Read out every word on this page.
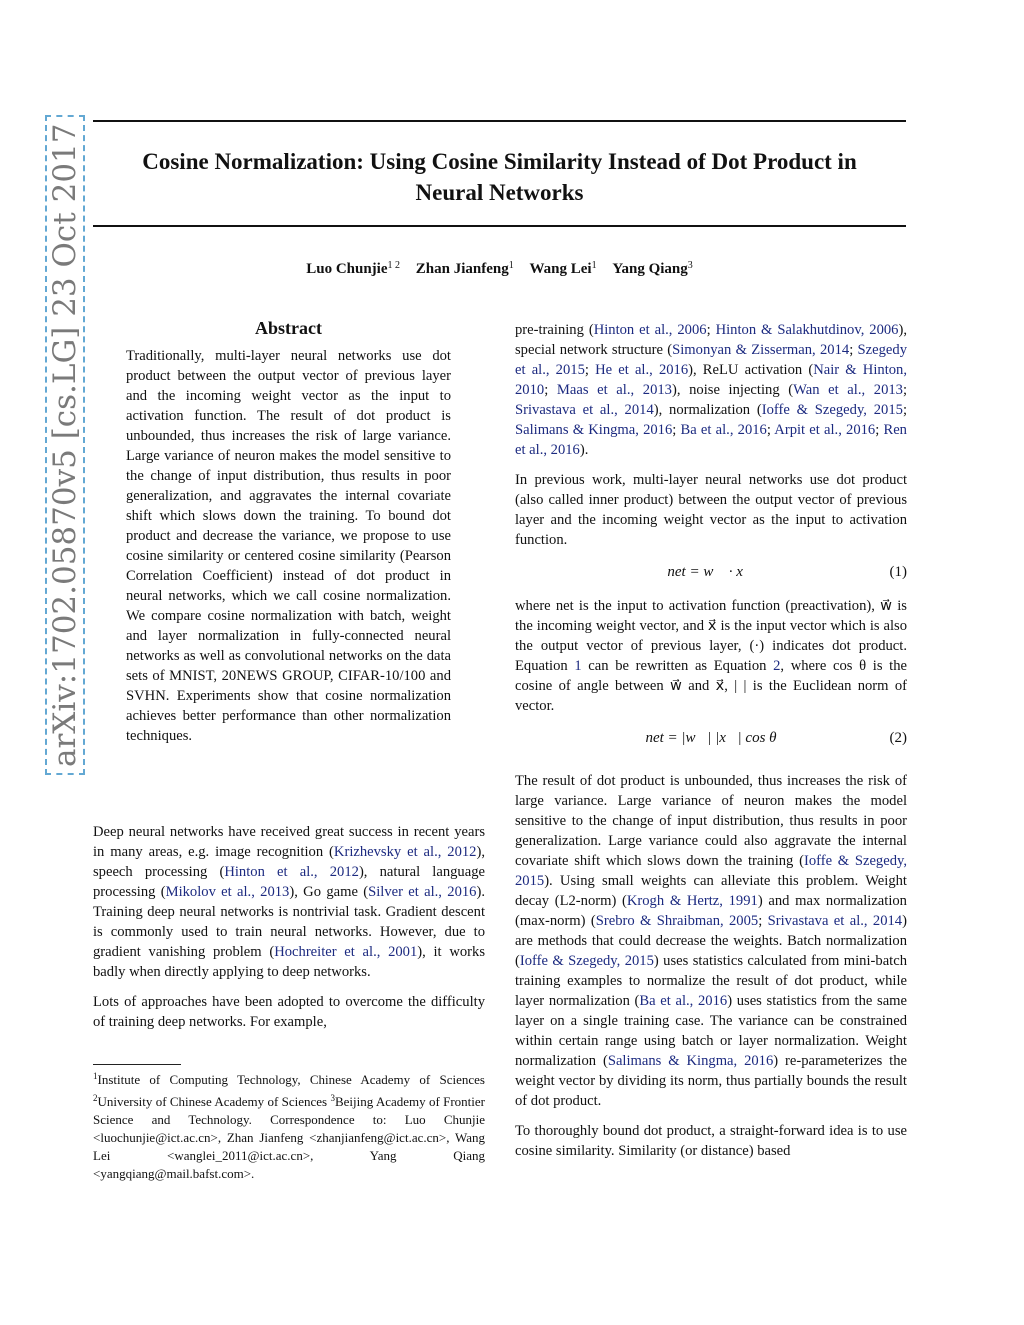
arXiv:1702.05870v5 [cs.LG] 23 Oct 2017	Cosine Normalization: Using Cosine Similarity Instead of Dot Product in
Neural Networks
Luo Chunjie$^{1 2}$ Zhan Jianfeng$^1$ Wang Lei$^1$ Yang Qiang$^3$
Abstract

Traditionally, multi-layer neural networks use dot product between the output vector of previous layer and the incoming weight vector as the input to activation function. The result of dot product is unbounded, thus increases the risk of large variance. Large variance of neuron makes the model sensitive to the change of input distribution, thus results in poor generalization, and aggravates the internal covariate shift which slows down the training. To bound dot product and decrease the variance, we propose to use cosine similarity or centered cosine similarity (Pearson Correlation Coefficient) instead of dot product in neural networks, which we call cosine normalization. We compare cosine normalization with batch, weight and layer normalization in fully-connected neural networks as well as convolutional networks on the data sets of MNIST, 20NEWS GROUP, CIFAR-10/100 and SVHN. Experiments show that cosine normalization achieves better performance than other normalization techniques.

Deep neural networks have received great success in recent years in many areas, e.g. image recognition (Krizhevsky et al., 2012), speech processing (Hinton et al., 2012), natural language processing (Mikolov et al., 2013), Go game (Silver et al., 2016). Training deep neural networks is nontrivial task. Gradient descent is commonly used to train neural networks. However, due to gradient vanishing problem (Hochreiter et al., 2001), it works badly when directly applying to deep networks.

Lots of approaches have been adopted to overcome the difficulty of training deep networks. For example,

$^1$Institute of Computing Technology, Chinese Academy of Sciences $^2$University of Chinese Academy of Sciences $^3$Beijing Academy of Frontier Science and Technology. Correspondence to: Luo Chunjie <luochunjie@ict.ac.cn>, Zhan Jianfeng <zhanjianfeng@ict.ac.cn>, Wang Lei <wanglei_2011@ict.ac.cn>, Yang Qiang <yangqiang@mail.bafst.com>.

pre-training (Hinton et al., 2006; Hinton & Salakhutdinov, 2006), special network structure (Simonyan & Zisserman, 2014; Szegedy et al., 2015; He et al., 2016), ReLU activation (Nair & Hinton, 2010; Maas et al., 2013), noise injecting (Wan et al., 2013; Srivastava et al., 2014), normalization (Ioffe & Szegedy, 2015; Salimans & Kingma, 2016; Ba et al., 2016; Arpit et al., 2016; Ren et al., 2016).

In previous work, multi-layer neural networks use dot product (also called inner product) between the output vector of previous layer and the incoming weight vector as the input to activation function.

net = w⃗ · x⃗	(1)

where net is the input to activation function (preactivation), w⃗ is the incoming weight vector, and x⃗ is the input vector which is also the output vector of previous layer, (·) indicates dot product. Equation 1 can be rewritten as Equation 2, where cos θ is the cosine of angle between w⃗ and x⃗, | | is the Euclidean norm of vector.

net = |w⃗| |x⃗| cos θ	(2)

The result of dot product is unbounded, thus increases the risk of large variance. Large variance of neuron makes the model sensitive to the change of input distribution, thus results in poor generalization. Large variance could also aggravate the internal covariate shift which slows down the training (Ioffe & Szegedy, 2015). Using small weights can alleviate this problem. Weight decay (L2-norm) (Krogh & Hertz, 1991) and max normalization (max-norm) (Srebro & Shraibman, 2005; Srivastava et al., 2014) are methods that could decrease the weights. Batch normalization (Ioffe & Szegedy, 2015) uses statistics calculated from mini-batch training examples to normalize the result of dot product, while layer normalization (Ba et al., 2016) uses statistics from the same layer on a single training case. The variance can be constrained within certain range using batch or layer normalization. Weight normalization (Salimans & Kingma, 2016) re-parameterizes the weight vector by dividing its norm, thus partially bounds the result of dot product.

To thoroughly bound dot product, a straight-forward idea is to use cosine similarity. Similarity (or distance) based
